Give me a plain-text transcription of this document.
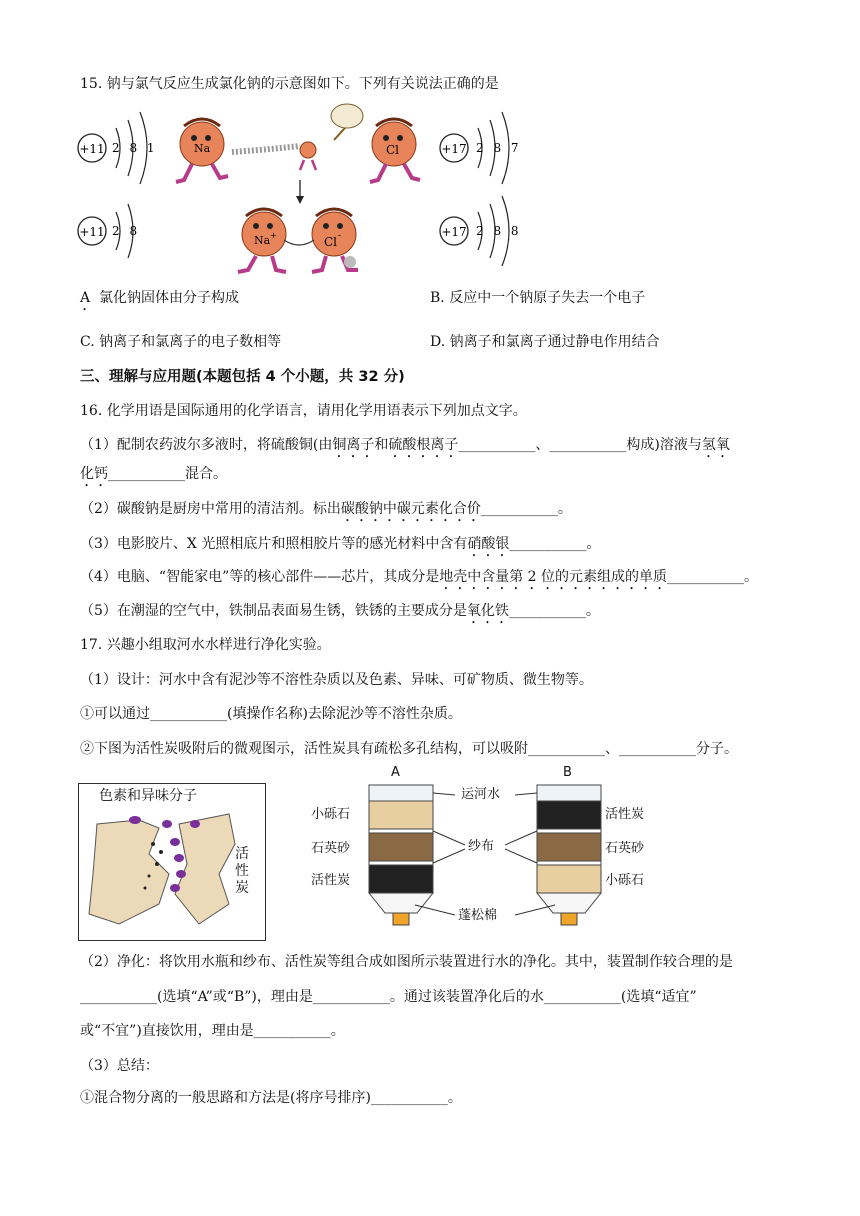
15. 钠与氯气反应生成氯化钠的示意图如下。下列有关说法正确的是
+11 2 8 1
+11 2 8
Na	Cl
Na +	Cl -
+17 2 8 7
+17 2 8 8
A 氯化钠固体由分子构成	B. 反应中一个钠原子失去一个电子
C. 钠离子和氯离子的电子数相等	D. 钠离子和氯离子通过静电作用结合
三、理解与应用题(本题包括 4 个小题，共 32 分)
16. 化学用语是国际通用的化学语言，请用化学用语表示下列加点文字。
（1）配制农药波尔多液时，将硫酸铜(由铜离子和硫酸根离子___________、___________构成)溶液与氢氧
化钙___________混合。
（2）碳酸钠是厨房中常用的清洁剂。标出碳酸钠中碳元素化合价___________。
（3）电影胶片、X 光照相底片和照相胶片等的感光材料中含有硝酸银___________。
（4）电脑、“智能家电”等的核心部件——芯片，其成分是地壳中含量第 2 位的元素组成的单质___________。
（5）在潮湿的空气中，铁制品表面易生锈，铁锈的主要成分是氧化铁___________。
17. 兴趣小组取河水水样进行净化实验。
（1）设计：河水中含有泥沙等不溶性杂质以及色素、异味、可矿物质、微生物等。
①可以通过___________(填操作名称)去除泥沙等不溶性杂质。
②下图为活性炭吸附后的微观图示，活性炭具有疏松多孔结构，可以吸附___________、___________分子。
色素和异味分子
活
性
炭
A	B
运河水
纱布
蓬松棉
小砾石
石英砂
活性炭
活性炭
石英砂
小砾石
（2）净化：将饮用水瓶和纱布、活性炭等组合成如图所示装置进行水的净化。其中，装置制作较合理的是
___________(选填“A”或“B”)，理由是___________。通过该装置净化后的水___________(选填“适宜”
或“不宜”)直接饮用，理由是___________。
（3）总结：
①混合物分离的一般思路和方法是(将序号排序)___________。
